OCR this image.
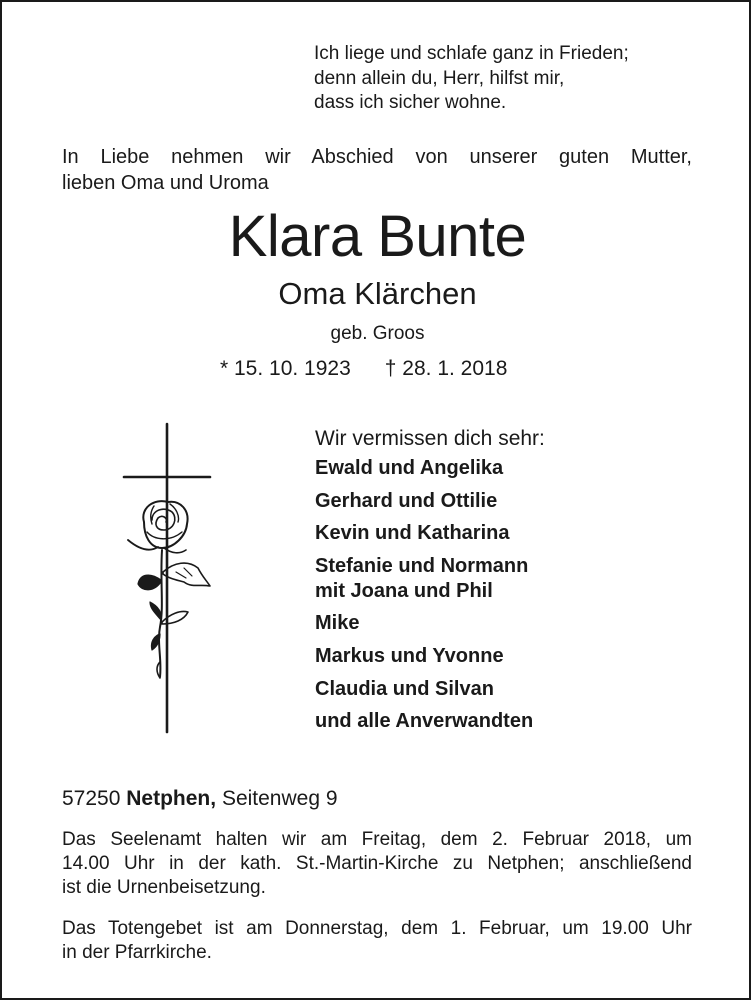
Ich liege und schlafe ganz in Frieden;
denn allein du, Herr, hilfst mir,
dass ich sicher wohne.
In Liebe nehmen wir Abschied von unserer guten Mutter,
lieben Oma und Uroma
Klara Bunte
Oma Klärchen
geb. Groos
* 15. 10. 1923 † 28. 1. 2018
Wir vermissen dich sehr:
Ewald und Angelika
Gerhard und Ottilie
Kevin und Katharina
Stefanie und Normann
mit Joana und Phil
Mike
Markus und Yvonne
Claudia und Silvan
und alle Anverwandten
57250 Netphen, Seitenweg 9
Das Seelenamt halten wir am Freitag, dem 2. Februar 2018, um
14.00 Uhr in der kath. St.-Martin-Kirche zu Netphen; anschließend
ist die Urnenbeisetzung.
Das Totengebet ist am Donnerstag, dem 1. Februar, um 19.00 Uhr
in der Pfarrkirche.
